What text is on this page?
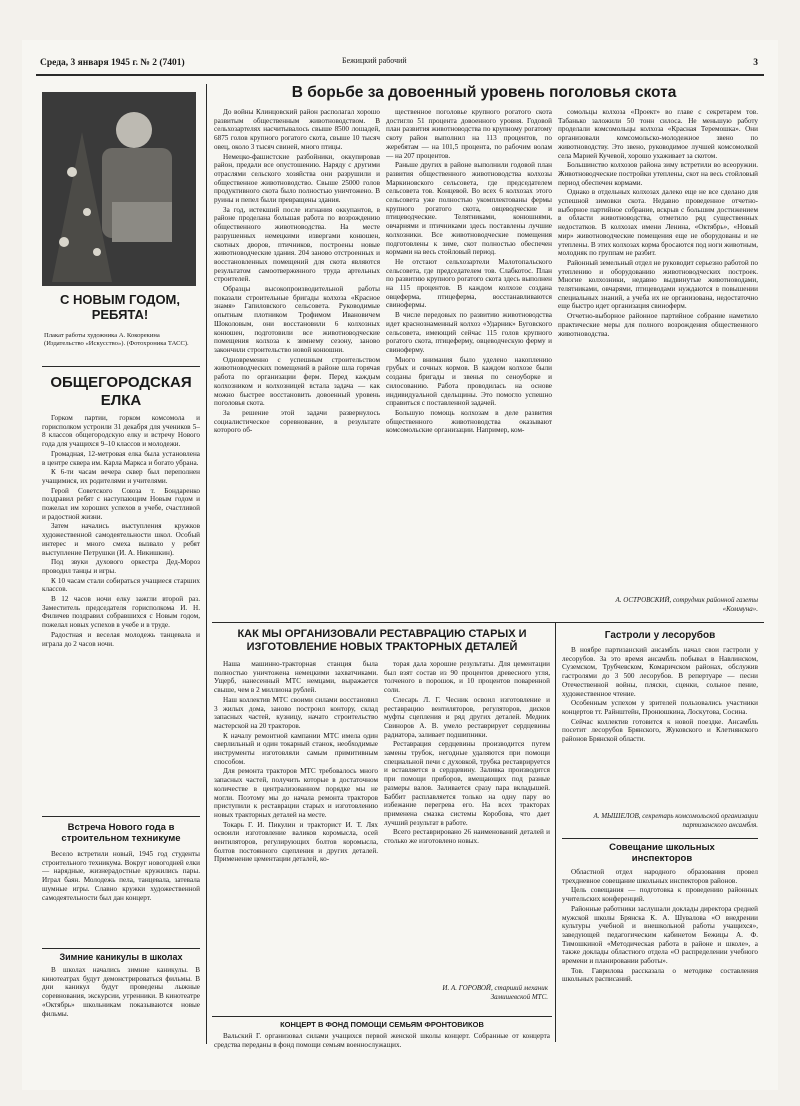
Среда, 3 января 1945 г. № 2 (7401)	Бежицкий рабочий	3
С НОВЫМ ГОДОМ, РЕБЯТА!
Плакат работы художника А. Кокорекина (Издательство «Искусство»). (Фотохроника ТАСС).
ОБЩЕГОРОДСКАЯ ЕЛКА

Горком партии, горком комсомола и горисполком устроили 31 декабря для учеников 5–8 классов общегородскую елку и встречу Нового года для учащихся 9–10 классов и молодежи.

Громадная, 12-метровая елка была установлена в центре сквера им. Карла Маркса и богато убрана.

К 6-ти часам вечера сквер был переполнен учащимися, их родителями и учителями.

Герой Советского Союза т. Бондаренко поздравил ребят с наступающим Новым годом и пожелал им хороших успехов в учебе, счастливой и радостной жизни.

Затем начались выступления кружков художественной самодеятельности школ. Особый интерес и много смеха вызвало у ребят выступление Петрушки (И. А. Никишкин).

Под звуки духового оркестра Дед-Мороз проводил танцы и игры.

К 10 часам стали собираться учащиеся старших классов.

В 12 часов ночи елку зажгли второй раз. Заместитель председателя горисполкома И. Н. Филичев поздравил собравшихся с Новым годом, пожелал новых успехов в учебе и в труде.

Радостная и веселая молодежь танцевала и играла до 2 часов ночи.

Встреча Нового года в строительном техникуме

Весело встретили новый, 1945 год студенты строительного техникума. Вокруг новогодней елки — нарядные, жизнерадостные кружились пары. Играл баян. Молодежь пела, танцевала, затевала шумные игры. Славно кружки художественной самодеятельности был дан концерт.

Зимние каникулы в школах

В школах начались зимние каникулы. В кинотеатрах будут демонстрироваться фильмы. В дни каникул будут проведены лыжные соревнования, экскурсии, утренники. В кинотеатре «Октябрь» школьникам показываются новые фильмы.

В борьбе за довоенный уровень поголовья скота

До войны Клинцовский район располагал хорошо развитым общественным животноводством. В сельхозартелях насчитывалось свыше 8500 лошадей, 6875 голов крупного рогатого скота, свыше 10 тысяч овец, около 3 тысяч свиней, много птицы.

Немецко-фашистские разбойники, оккупировав район, предали все опустошению. Наряду с другими отраслями сельского хозяйства они разрушили и общественное животноводство. Свыше 25000 голов продуктивного скота было полностью уничтожено. В руины и пепел были превращены здания.

За год, истекший после изгнания оккупантов, в районе проделана большая работа по возрождению общественного животноводства. На месте разрушенных немецкими извергами конюшен, скотных дворов, птичников, построены новые животноводческие здания. 204 заново отстроенных и восстановленных помещений для скота являются результатом самоотверженного труда артельных строителей.

Образцы высокопроизводительной работы показали строительные бригады колхоза «Красное знамя» Гапиловского сельсовета. Руководимые опытным плотником Трофимом Ивановичем Шоколовым, они восстановили 6 колхозных конюшен, подготовили все животноводческие помещения колхоза к зимнему сезону, заново закончили строительство новой конюшни.

Одновременно с успешным строительством животноводческих помещений в районе шла горячая работа по организации ферм. Перед каждым колхозником и колхозницей встала задача — как можно быстрее восстановить довоенный уровень поголовья скота.

За решение этой задачи развернулось социалистическое соревнование, в результате которого об-

щественное поголовье крупного рогатого скота достигло 51 процента довоенного уровня. Годовой план развития животноводства по крупному рогатому скоту район выполнил на 113 процентов, по жеребятам — на 101,5 процента, по рабочим волам — на 207 процентов.

Раньше других в районе выполнили годовой план развития общественного животноводства колхозы Маркиновского сельсовета, где председателем сельсовета тов. Концевой. Во всех 6 колхозах этого сельсовета уже полностью укомплектованы фермы крупного рогатого скота, овцеводческие и птицеводческие. Телятниками, конюшнями, овчарнями и птичниками здесь поставлены лучшие колхозники. Все животноводческие помещения подготовлены к зиме, скот полностью обеспечен кормами на весь стойловый период.

Не отстают сельхозартели Малотопальского сельсовета, где председателем тов. Слабкотос. План по развитию крупного рогатого скота здесь выполнен на 115 процентов. В каждом колхозе создана овцеферма, птицеферма, восстанавливаются свинофермы.

В числе передовых по развитию животноводства идет краснознаменный колхоз «Ударник» Буговского сельсовета, имеющий сейчас 115 голов крупного рогатого скота, птицеферму, овцеводческую ферму и свиноферму.

Много внимания было уделено накоплению грубых и сочных кормов. В каждом колхозе были созданы бригады и звенья по сеноуборке и силосованию. Работа проводилась на основе индивидуальной сдельщины. Это помогло успешно справиться с поставленной задачей.

Большую помощь колхозам в деле развития общественного животноводства оказывают комсомольские организации. Например, ком-

сомольцы колхоза «Проект» во главе с секретарем тов. Табанько заложили 50 тонн силоса. Не меньшую работу проделали комсомольцы колхоза «Красная Теремошка». Они организовали комсомольско-молодежное звено по животноводству. Это звено, руководимое лучшей комсомолкой села Марией Кучевой, хорошо ухаживает за скотом.

Большинство колхозов района зиму встретили во всеоружии. Животноводческие постройки утеплены, скот на весь стойловый период обеспечен кормами.

Однако в отдельных колхозах далеко еще не все сделано для успешной зимовки скота. Недавно проведенное отчетно-выборное партийное собрание, вскрыв с большим достижением в области животноводства, отметило ряд существенных недостатков. В колхозах имени Ленина, «Октябрь», «Новый мир» животноводческие помещения еще не оборудованы и не утеплены. В этих колхозах корма бросаются под ноги животным, молодняк по группам не разбит.

Районный земельный отдел не руководит серьезно работой по утеплению и оборудованию животноводческих построек. Многие колхозники, недавно выдвинутые животноводами, телятниками, овчарями, птицеводами нуждаются в повышении специальных знаний, а учеба их не организована, недостаточно еще быстро идет организация свиноферм.

Отчетно-выборное районное партийное собрание наметило практические меры для полного возрождения общественного животноводства.

А. ОСТРОВСКИЙ, сотрудник районной газеты «Коммуна».
КАК МЫ ОРГАНИЗОВАЛИ РЕСТАВРАЦИЮ СТАРЫХ И ИЗГОТОВЛЕНИЕ НОВЫХ ТРАКТОРНЫХ ДЕТАЛЕЙ

Наша машинно-тракторная станция была полностью уничтожена немецкими захватчиками. Ущерб, нанесенный МТС немцами, выражается свыше, чем в 2 миллиона рублей.

Наш коллектив МТС своими силами восстановил 3 жилых дома, заново построил контору, склад запасных частей, кузницу, начато строительство мастерской на 20 тракторов.

К началу ремонтной кампании МТС имела один сверлильный и один токарный станок, необходимые инструменты изготовляли самым примитивным способом.

Для ремонта тракторов МТС требовалось много запасных частей, получить которые в достаточном количестве в централизованном порядке мы не могли. Поэтому мы до начала ремонта тракторов приступили к реставрации старых и изготовлению новых тракторных деталей на месте.

Токарь Г. И. Пикулин и тракторист И. Т. Лях освоили изготовление валиков коромысла, осей вентиляторов, регулирующих болтов коромысла, болтов постоянного сцепления и других деталей. Применение цементации деталей, ко-

торая дала хорошие результаты. Для цементации был взят состав из 90 процентов древесного угля, толченого в порошок, и 10 процентов поваренной соли.

Слесарь Л. Г. Чесник освоил изготовление и реставрацию вентиляторов, регуляторов, дисков муфты сцепления и ряд других деталей. Медник Свиноров А. В. умело реставрирует сердцевины радиатора, заливает подшипники.

Реставрация сердцевины производится путем замены трубок, негодные удаляются при помощи специальной печи с духовкой, трубка реставрируется и вставляется в сердцевину. Заливка производится при помощи приборов, вмещающих под разные размеры валов. Заливается сразу пара вкладышей. Баббит расплавляется только на одну пару во избежание перегрева его. На всех тракторах применена смазка системы Коробова, что дает лучший результат в работе.

Всего реставрировано 26 наименований деталей и столько же изготовлено новых.

И. А. ГОРОВОЙ, старший механик Замишевской МТС.
Гастроли у лесорубов

В ноябре партизанский ансамбль начал свои гастроли у лесорубов. За это время ансамбль побывал в Навлинском, Суземском, Трубчевском, Комаричском районах, обслужив гастролями до 3 500 лесорубов. В репертуаре — песни Отечественной войны, пляски, сценки, сольное пение, художественное чтение.

Особенным успехом у зрителей пользовались участники концертов тт. Райнштейн, Пронюшкина, Лоскутова, Сосина.

Сейчас коллектив готовится к новой поездке. Ансамбль посетит лесорубов Брянского, Жуковского и Клетнянского районов Брянской области.

А. МЫШЕЛОВ, секретарь комсомольской организации партизанского ансамбля.
Совещание школьных инспекторов

Областной отдел народного образования провел трехдневное совещание школьных инспекторов районов.

Цель совещания — подготовка к проведению районных учительских конференций.

Районные работники заслушали доклады директора средней мужской школы Брянска К. А. Шувалова «О внедрении культуры учебной и внешкольной работы учащихся», заведующей педагогическим кабинетом Бежицы А. Ф. Тимошкиной «Методическая работа в районе и школе», а также доклады областного отдела «О распределении учебного времени и планировании работы».

Тов. Гаврилова рассказала о методике составления школьных расписаний.

КОНЦЕРТ В ФОНД ПОМОЩИ СЕМЬЯМ ФРОНТОВИКОВ

Вальский Г. организовал силами учащихся первой женской школы концерт. Собранные от концерта средства переданы в фонд помощи семьям военнослужащих.
